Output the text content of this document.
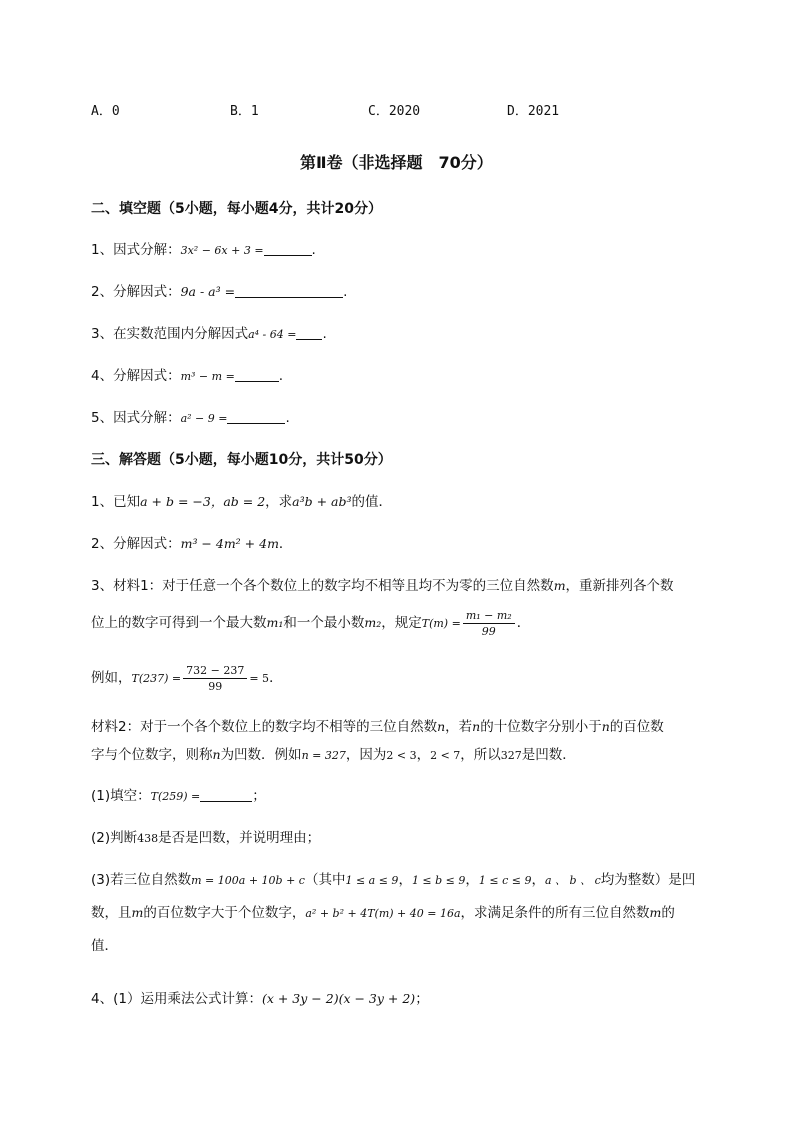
A．0	B．1	C．2020	D．2021
第Ⅱ卷（非选择题　70分）
二、填空题（5小题，每小题4分，共计20分）
1、因式分解：3x² − 6x + 3 =	.
2、分解因式：9a - a³ =	.
3、在实数范围内分解因式a⁴ - 64 = .
4、分解因式：m³ − m =	.
5、因式分解：a² − 9 =	.
三、解答题（5小题，每小题10分，共计50分）
1、已知a + b = −3，ab = 2，求a³b + ab³的值．
2、分解因式：m³ − 4m² + 4m．
3、材料1：对于任意一个各个数位上的数字均不相等且均不为零的三位自然数m，重新排列各个数
位上的数字可得到一个最大数m₁和一个最小数m₂，规定$T(m) = \frac{\text{m₁ − m₂}}{99}$ ．
例如，$T(237) = \frac{732 - 237}{99} = 5$．
材料2：对于一个各个数位上的数字均不相等的三位自然数n，若n的十位数字分别小于n的百位数
字与个位数字，则称n为凹数．例如n = 327，因为2 < 3，2 < 7，所以327是凹数．
(1)填空：T(259) =	；
(2)判断438是否是凹数，并说明理由；
(3)若三位自然数m = 100a + 10b + c（其中1 ≤ a ≤ 9，1 ≤ b ≤ 9，1 ≤ c ≤ 9，a 、 b 、 c均为整数）是凹
数，且m的百位数字大于个位数字，a² + b² + 4T(m) + 40 = 16a，求满足条件的所有三位自然数m的
值．
4、(1）运用乘法公式计算：(x + 3y − 2)(x − 3y + 2)；
